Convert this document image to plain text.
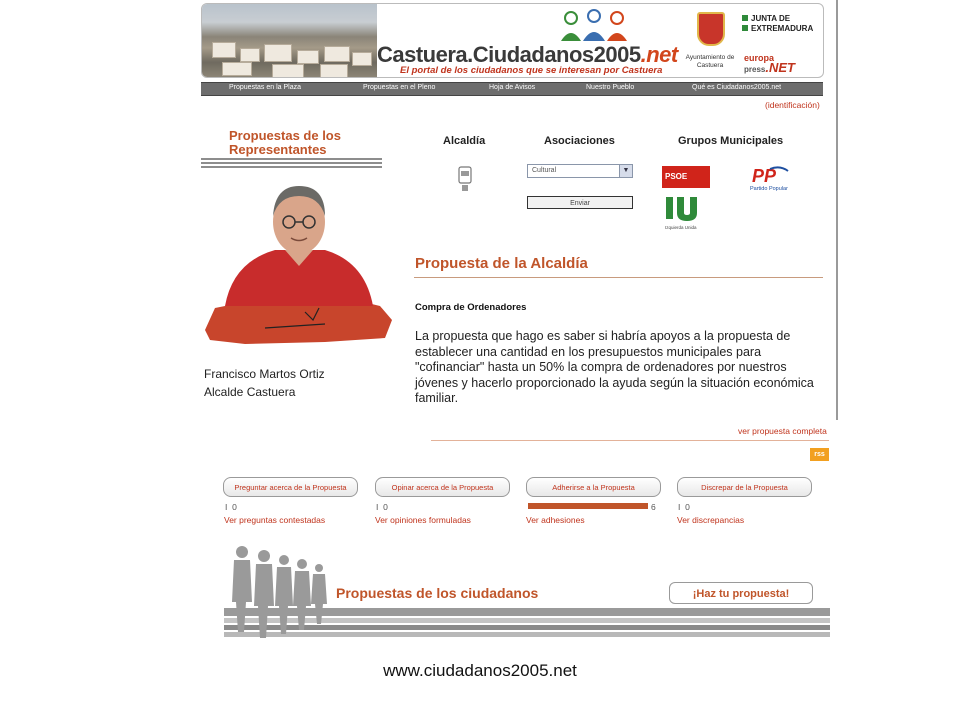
Castuera.Ciudadanos2005.net
El portal de los ciudadanos que se interesan por Castuera
Ayuntamiento de Castuera
JUNTA DE
EXTREMADURA
europa
press.NET
Propuestas en la Plaza	Propuestas en el Pleno	Hoja de Avisos	Nuestro Pueblo	Qué es Ciudadanos2005.net
(identificación)
Propuestas de los
Representantes
Francisco Martos Ortiz
Alcalde Castuera
Alcaldía	Asociaciones	Grupos Municipales
Cultural	▼
Enviar
PSOE	PP
Partido Popular
Izquierda Unida
Propuesta de la Alcaldía
Compra de Ordenadores
La propuesta que hago es saber si habría apoyos a la propuesta de establecer una cantidad en los presupuestos municipales para "cofinanciar" hasta un 50% la compra de ordenadores por nuestros jóvenes y hacerlo proporcionado la ayuda según la situación económica familiar.
ver propuesta completa
rss
Preguntar acerca de la Propuesta	Opinar acerca de la Propuesta	Adherirse a la Propuesta	Discrepar de la Propuesta
I  0	I  0	6	I  0
Ver preguntas contestadas	Ver opiniones formuladas	Ver adhesiones	Ver discrepancias
Propuestas de los ciudadanos	¡Haz tu propuesta!
www.ciudadanos2005.net
